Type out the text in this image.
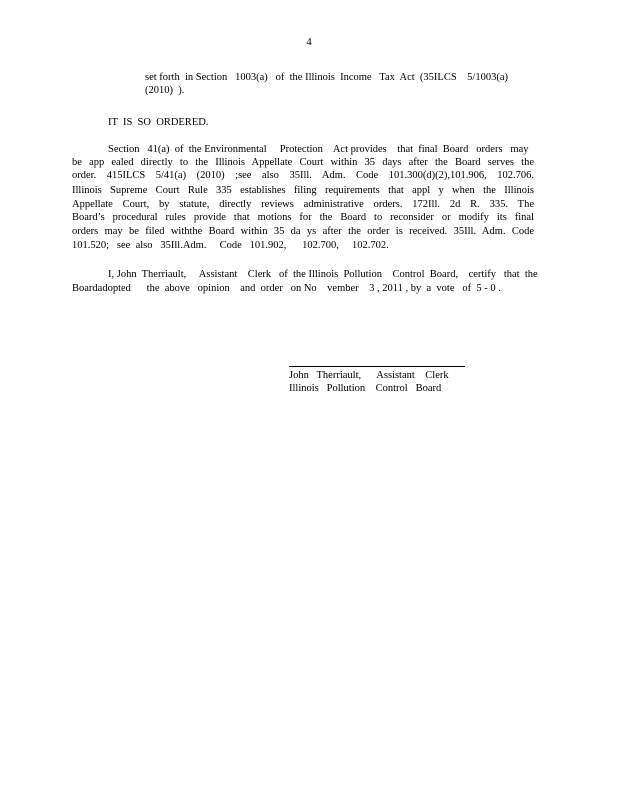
4
set forth  in Section   1003(a)   of  the Illinois  Income   Tax  Act  (35ILCS    5/1003(a)
(2010)  ).
IT  IS  SO  ORDERED.
Section   41(a)  of  the Environmental     Protection    Act provides    that  final  Board   orders   may
be app ealed directly to the Illinois Appellate Court within 35 days after the Board serves the
order. 415ILCS 5/41(a) (2010) ;see also 35Ill. Adm. Code 101.300(d)(2),101.906, 102.706.
Illinois Supreme Court Rule 335 establishes filing requirements that appl y when the Illinois
Appellate Court, by statute, directly reviews administrative orders. 172Ill. 2d R. 335. The
Board’s procedural rules provide that motions for the Board to reconsider or modify its final
orders may be filed withthe Board within 35 da ys after the order is received. 35Ill. Adm. Code
101.520;   see  also   35Ill.Adm.     Code   101.902,      102.700,     102.702.
I, John  Therriault,     Assistant    Clerk   of  the Illinois  Pollution    Control  Board,    certify   that  the
Boardadopted      the  above   opinion    and  order   on No    vember    3 , 2011 , by  a  vote   of  5 - 0 .
John   Therriault,      Assistant    Clerk
Illinois   Pollution    Control   Board
